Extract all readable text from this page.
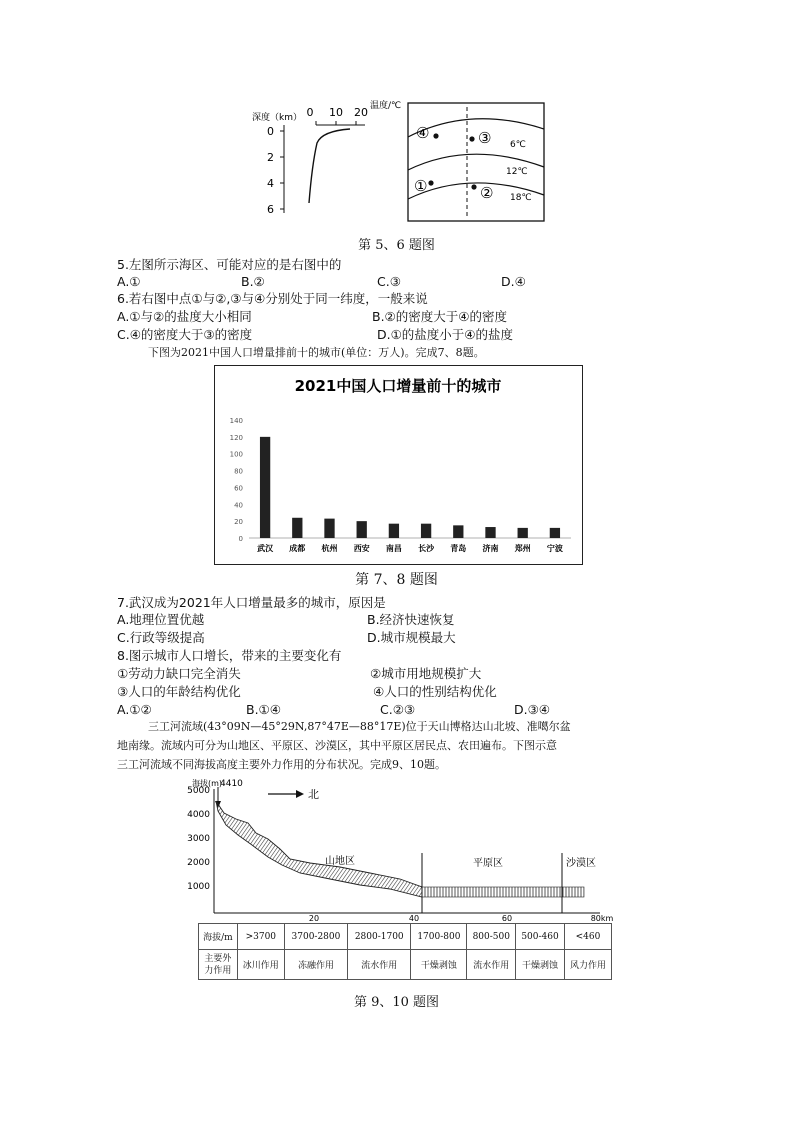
深度（km） 0 10 20
0
2
4
6
温度/℃
6℃
12℃
18℃
④	③
①	②
第 5、6 题图
5.左图所示海区、可能对应的是右图中的
A.①	B.②	C.③	D.④
6.若右图中点①与②,③与④分别处于同一纬度，一般来说
A.①与②的盐度大小相同	B.②的密度大于④的密度
C.④的密度大于③的密度	D.①的盐度小于④的盐度
下图为2021中国人口增量排前十的城市(单位：万人)。完成7、8题。
2021中国人口增量前十的城市
0
20
40
60
80
100
120
140
武汉 成都 杭州 西安 南昌 长沙 青岛 济南 郑州 宁波
第 7、8 题图
7.武汉成为2021年人口增量最多的城市，原因是
A.地理位置优越	B.经济快速恢复
C.行政等级提高	D.城市规模最大
8.图示城市人口增长，带来的主要变化有
①劳动力缺口完全消失	②城市用地规模扩大
③人口的年龄结构优化	④人口的性别结构优化
A.①②	B.①④	C.②③	D.③④
三工河流域(43°09N—45°29N,87°47E—88°17E)位于天山博格达山北坡、准噶尔盆
地南缘。流域内可分为山地区、平原区、沙漠区，其中平原区居民点、农田遍布。下图示意
三工河流域不同海拔高度主要外力作用的分布状况。完成9、10题。
海拔(m)
4410
5000
4000
3000
2000
1000
北
山地区	平原区	沙漠区
20	40	60	80km
海拔/m	>3700	3700-2800	2800-1700	1700-800	800-500	500-460	<460
主要外
力作用	冰川作用	冻融作用	流水作用	干燥剥蚀	流水作用	干燥剥蚀	风力作用
第 9、10 题图
